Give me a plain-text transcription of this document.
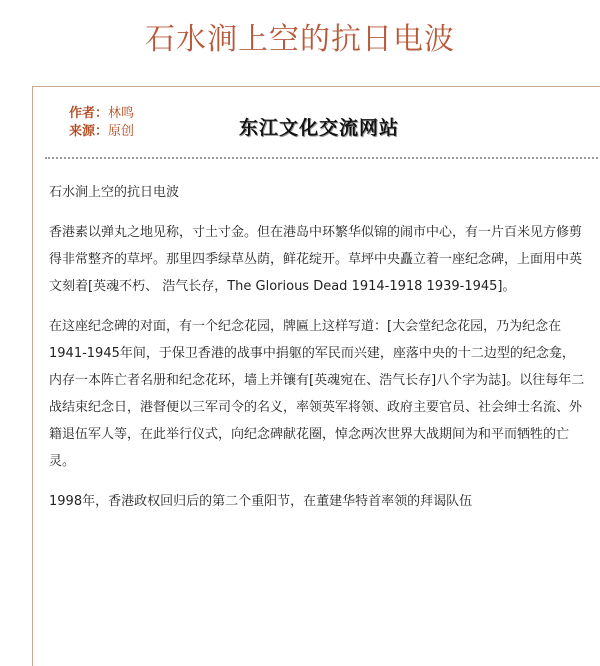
石水涧上空的抗日电波
作者：林鸣
来源：原创	东江文化交流网站

石水涧上空的抗日电波

香港素以弹丸之地见称，寸土寸金。但在港岛中环繁华似锦的闹市中心，有一片百米见方修剪得非常整齐的草坪。那里四季绿草丛荫，鲜花绽开。草坪中央矗立着一座纪念碑，上面用中英文刻着[英魂不朽、 浩气长存，The Glorious Dead 1914-1918 1939-1945]。

在这座纪念碑的对面，有一个纪念花园，牌匾上这样写道：[大会堂纪念花园，乃为纪念在1941-1945年间，于保卫香港的战事中捐躯的军民而兴建，座落中央的十二边型的纪念龛，内存一本阵亡者名册和纪念花环，墙上并镶有[英魂宛在、浩气长存]八个字为誌]。以往每年二战结束纪念日，港督便以三军司令的名义，率领英军将领、政府主要官员、社会绅士名流、外籍退伍军人等，在此举行仪式，向纪念碑献花圈，悼念两次世界大战期间为和平而牺牲的亡灵。

1998年，香港政权回归后的第二个重阳节，在董建华特首率领的拜谒队伍
